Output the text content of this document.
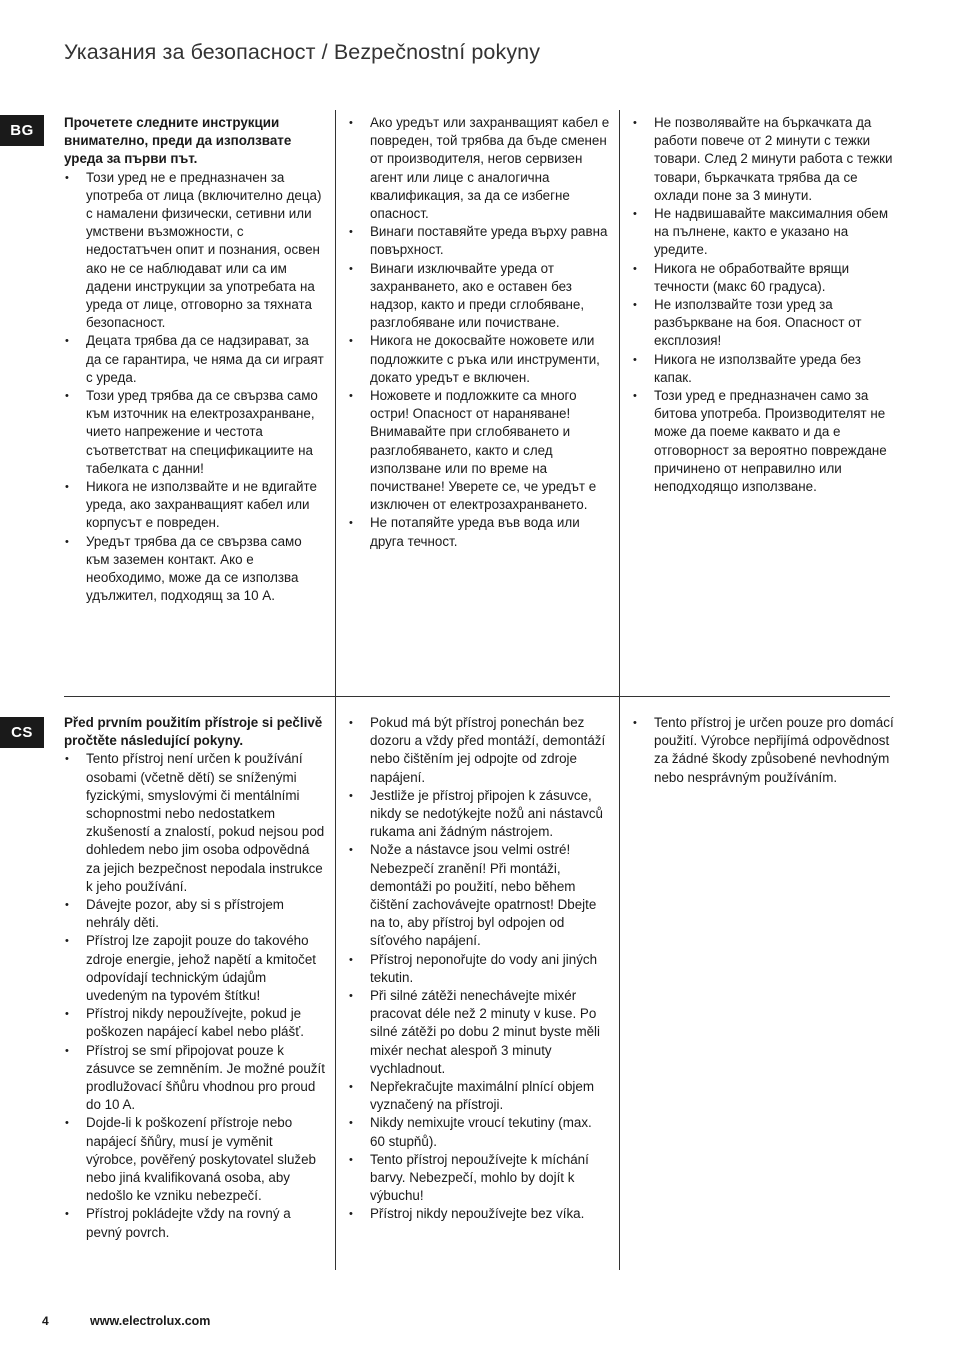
Указания за безопасност / Bezpečnostní pokyny
BG
CS
Прочетете следните инструкции внимателно, преди да използвате уреда за първи път.
• Този уред не е предназначен за употреба от лица (включително деца) с намалени физически, сетивни или умствени възможности, с недостатъчен опит и познания, освен ако не се наблюдават или са им дадени инструкции за употребата на уреда от лице, отговорно за тяхната безопасност.
• Децата трябва да се надзирават, за да се гарантира, че няма да си играят с уреда.
• Този уред трябва да се свързва само към източник на електрозахранване, чието напрежение и честота съответстват на спецификациите на табелката с данни!
• Никога не използвайте и не вдигайте уреда, ако захранващият кабел или корпусът е повреден.
• Уредът трябва да се свързва само към заземен контакт. Ако е необходимо, може да се използва удължител, подходящ за 10 А.
• Ако уредът или захранващият кабел е повреден, той трябва да бъде сменен от производителя, негов сервизен агент или лице с аналогична квалификация, за да се избегне опасност.
• Винаги поставяйте уреда върху равна повърхност.
• Винаги изключвайте уреда от захранването, ако е оставен без надзор, както и преди сглобяване, разглобяване или почистване.
• Никога не докосвайте ножовете или подложките с ръка или инструменти, докато уредът е включен.
• Ножовете и подложките са много остри! Опасност от нараняване! Внимавайте при сглобяването и разглобяването, както и след използване или по време на почистване! Уверете се, че уредът е изключен от електрозахранването.
• Не потапяйте уреда във вода или друга течност.
• Не позволявайте на бъркачката да работи повече от 2 минути с тежки товари. След 2 минути работа с тежки товари, бъркачката трябва да се охлади поне за 3 минути.
• Не надвишавайте максималния обем на пълнене, както е указано на уредите.
• Никога не обработвайте врящи течности (макс 60 градуса).
• Не използвайте този уред за разбъркване на боя. Опасност от експлозия!
• Никога не използвайте уреда без капак.
• Този уред е предназначен само за битова употреба. Производителят не може да поеме каквато и да е отговорност за вероятно повреждане причинено от неправилно или неподходящо използване.
Před prvním použitím přístroje si pečlivě pročtěte následující pokyny.
• Tento přístroj není určen k používání osobami (včetně dětí) se sníženými fyzickými, smyslovými či mentálními schopnostmi nebo nedostatkem zkušeností a znalostí, pokud nejsou pod dohledem nebo jim osoba odpovědná za jejich bezpečnost nepodala instrukce k jeho používání.
• Dávejte pozor, aby si s přístrojem nehrály děti.
• Přístroj lze zapojit pouze do takového zdroje energie, jehož napětí a kmitočet odpovídají technickým údajům uvedeným na typovém štítku!
• Přístroj nikdy nepoužívejte, pokud je poškozen napájecí kabel nebo plášť.
• Přístroj se smí připojovat pouze k zásuvce se zemněním. Je možné použít prodlužovací šňůru vhodnou pro proud do 10 A.
• Dojde-li k poškození přístroje nebo napájecí šňůry, musí je vyměnit výrobce, pověřený poskytovatel služeb nebo jiná kvalifikovaná osoba, aby nedošlo ke vzniku nebezpečí.
• Přístroj pokládejte vždy na rovný a pevný povrch.
• Pokud má být přístroj ponechán bez dozoru a vždy před montáží, demontáží nebo čištěním jej odpojte od zdroje napájení.
• Jestliže je přístroj připojen k zásuvce, nikdy se nedotýkejte nožů ani nástavců rukama ani žádným nástrojem.
• Nože a nástavce jsou velmi ostré! Nebezpečí zranění! Při montáži, demontáži po použití, nebo během čištění zachovávejte opatrnost! Dbejte na to, aby přístroj byl odpojen od síťového napájení.
• Přístroj neponořujte do vody ani jiných tekutin.
• Při silné zátěži nenechávejte mixér pracovat déle než 2 minuty v kuse. Po silné zátěži po dobu 2 minut byste měli mixér nechat alespoň 3 minuty vychladnout.
• Nepřekračujte maximální plnící objem vyznačený na přístroji.
• Nikdy nemixujte vroucí tekutiny (max. 60 stupňů).
• Tento přístroj nepoužívejte k míchání barvy. Nebezpečí, mohlo by dojít k výbuchu!
• Přístroj nikdy nepoužívejte bez víka.
• Tento přístroj je určen pouze pro domácí použití. Výrobce nepřijímá odpovědnost za žádné škody způsobené nevhodným nebo nesprávným používáním.
4	www.electrolux.com
